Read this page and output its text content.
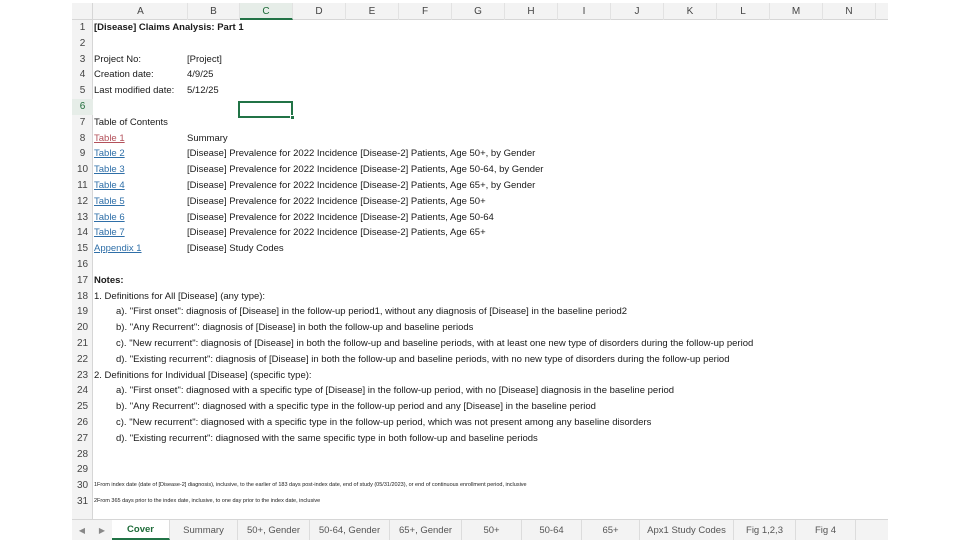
A	B	C	D	E	F	G	H	I	J	K	L	M	N
1
2
3
4
5
6
7
8
9
10
11
12
13
14
15
16
17
18
19
20
21
22
23
24
25
26
27
28
29
30
31
[Disease] Claims Analysis: Part 1
Project No:	[Project]
Creation date:	4/9/25
Last modified date: 5/12/25
Table of Contents
Table 1	Summary
Table 2	[Disease] Prevalence for 2022 Incidence [Disease-2] Patients, Age 50+, by Gender
Table 3	[Disease] Prevalence for 2022 Incidence [Disease-2] Patients, Age 50-64, by Gender
Table 4	[Disease] Prevalence for 2022 Incidence [Disease-2] Patients, Age 65+, by Gender
Table 5	[Disease] Prevalence for 2022 Incidence [Disease-2] Patients, Age 50+
Table 6	[Disease] Prevalence for 2022 Incidence [Disease-2] Patients, Age 50-64
Table 7	[Disease] Prevalence for 2022 Incidence [Disease-2] Patients, Age 65+
Appendix 1	[Disease] Study Codes
Notes:
1. Definitions for All [Disease] (any type):
a). "First onset": diagnosis of [Disease] in the follow-up period1, without any diagnosis of [Disease] in the baseline period2
b). "Any Recurrent": diagnosis of [Disease] in both the follow-up and baseline periods
c). "New recurrent": diagnosis of [Disease] in both the follow-up and baseline periods, with at least one new type of disorders during the follow-up period
d). "Existing recurrent": diagnosis of [Disease] in both the follow-up and baseline periods, with no new type of disorders during the follow-up period
2. Definitions for Individual [Disease] (specific type):
a). "First onset": diagnosed with a specific type of [Disease] in the follow-up period, with no [Disease] diagnosis in the baseline period
b). "Any Recurrent": diagnosed with a specific type in the follow-up period and any [Disease] in the baseline period
c). "New recurrent": diagnosed with a specific type in the follow-up period, which was not present among any baseline disorders
d). "Existing recurrent": diagnosed with the same specific type in both follow-up and baseline periods
1From index date (date of [Disease-2] diagnosis), inclusive, to the earlier of 183 days post-index date, end of study (05/31/2023), or end of continuous enrollment period, inclusive
2From 365 days prior to the index date, inclusive, to one day prior to the index date, inclusive
◀	▶	Cover	Summary	50+, Gender	50-64, Gender	65+, Gender	50+	50-64	65+	Apx1 Study Codes	Fig 1,2,3	Fig 4
